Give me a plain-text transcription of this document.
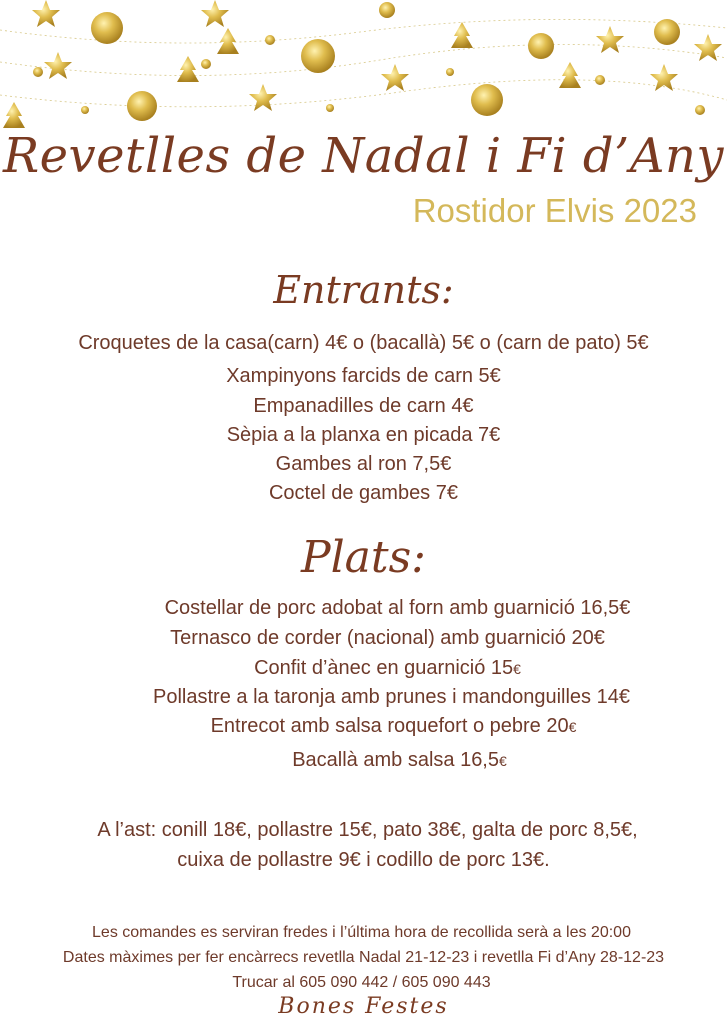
Revetlles de Nadal i Fi d’Any
Rostidor Elvis 2023
Entrants:
Croquetes de la casa(carn) 4€ o (bacallà) 5€ o (carn de pato) 5€
Xampinyons farcids de carn 5€
Empanadilles de carn 4€
Sèpia a la planxa en picada 7€
Gambes al ron 7,5€
Coctel de gambes 7€
Plats:
Costellar de porc adobat al forn amb guarnició 16,5€
Ternasco de corder (nacional) amb guarnició 20€
Confit d’ànec en guarnició 15€
Pollastre a la taronja amb prunes i mandonguilles 14€
Entrecot amb salsa roquefort o pebre 20€
Bacallà amb salsa 16,5€
A l’ast: conill 18€, pollastre 15€, pato 38€, galta de porc 8,5€,
cuixa de pollastre 9€ i codillo de porc 13€.
Les comandes es serviran fredes i l’última hora de recollida serà a les 20:00
Dates màximes per fer encàrrecs revetlla Nadal 21-12-23 i revetlla Fi d’Any 28-12-23
Trucar al 605 090 442 / 605 090 443
Bones Festes
